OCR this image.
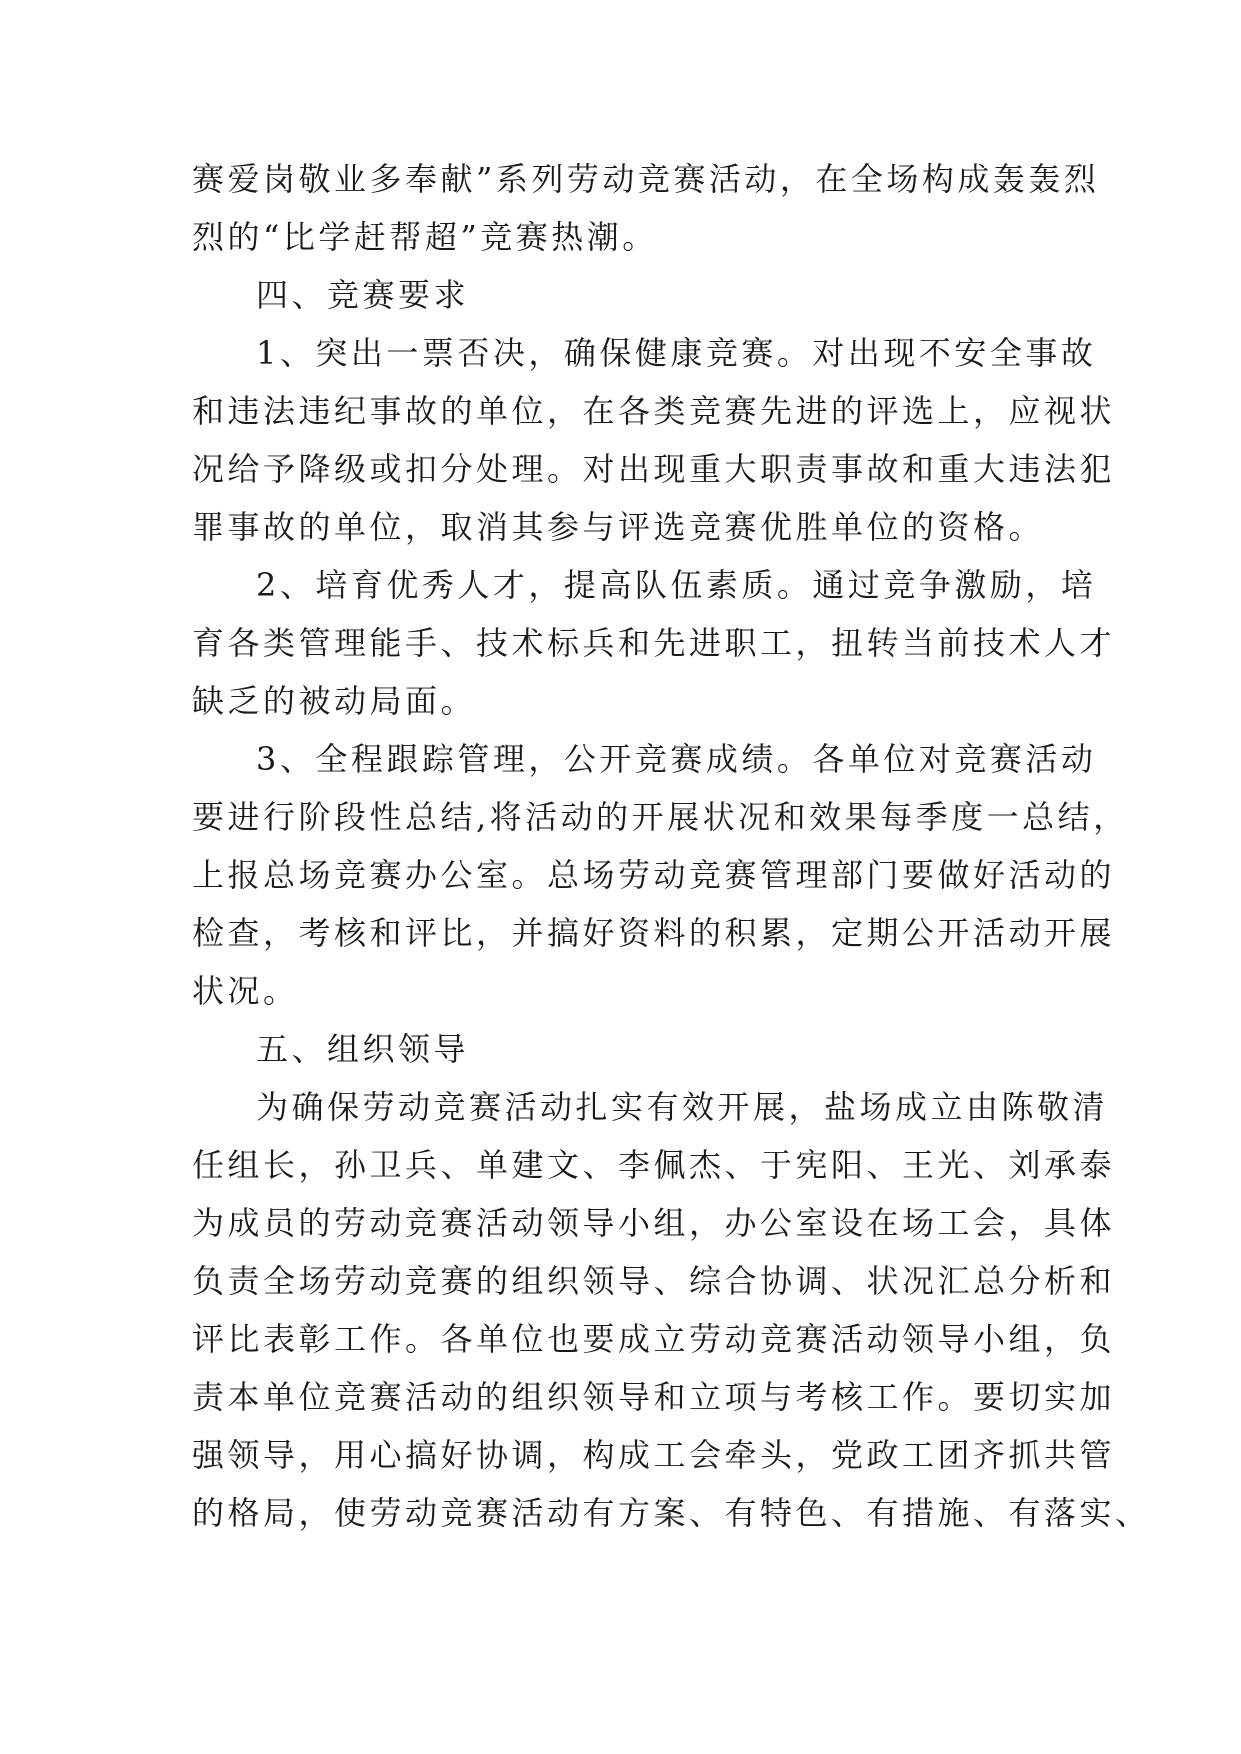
赛爱岗敬业多奉献”系列劳动竞赛活动，在全场构成轰轰烈

烈的“比学赶帮超”竞赛热潮。

四、竞赛要求

1、突出一票否决，确保健康竞赛。对出现不安全事故

和违法违纪事故的单位，在各类竞赛先进的评选上，应视状

况给予降级或扣分处理。对出现重大职责事故和重大违法犯

罪事故的单位，取消其参与评选竞赛优胜单位的资格。

2、培育优秀人才，提高队伍素质。通过竞争激励，培

育各类管理能手、技术标兵和先进职工，扭转当前技术人才

缺乏的被动局面。

3、全程跟踪管理，公开竞赛成绩。各单位对竞赛活动

要进行阶段性总结,将活动的开展状况和效果每季度一总结，

上报总场竞赛办公室。总场劳动竞赛管理部门要做好活动的

检查，考核和评比，并搞好资料的积累，定期公开活动开展

状况。

五、组织领导

为确保劳动竞赛活动扎实有效开展，盐场成立由陈敬清

任组长，孙卫兵、单建文、李佩杰、于宪阳、王光、刘承泰

为成员的劳动竞赛活动领导小组，办公室设在场工会，具体

负责全场劳动竞赛的组织领导、综合协调、状况汇总分析和

评比表彰工作。各单位也要成立劳动竞赛活动领导小组，负

责本单位竞赛活动的组织领导和立项与考核工作。要切实加

强领导，用心搞好协调，构成工会牵头，党政工团齐抓共管

的格局，使劳动竞赛活动有方案、有特色、有措施、有落实、
